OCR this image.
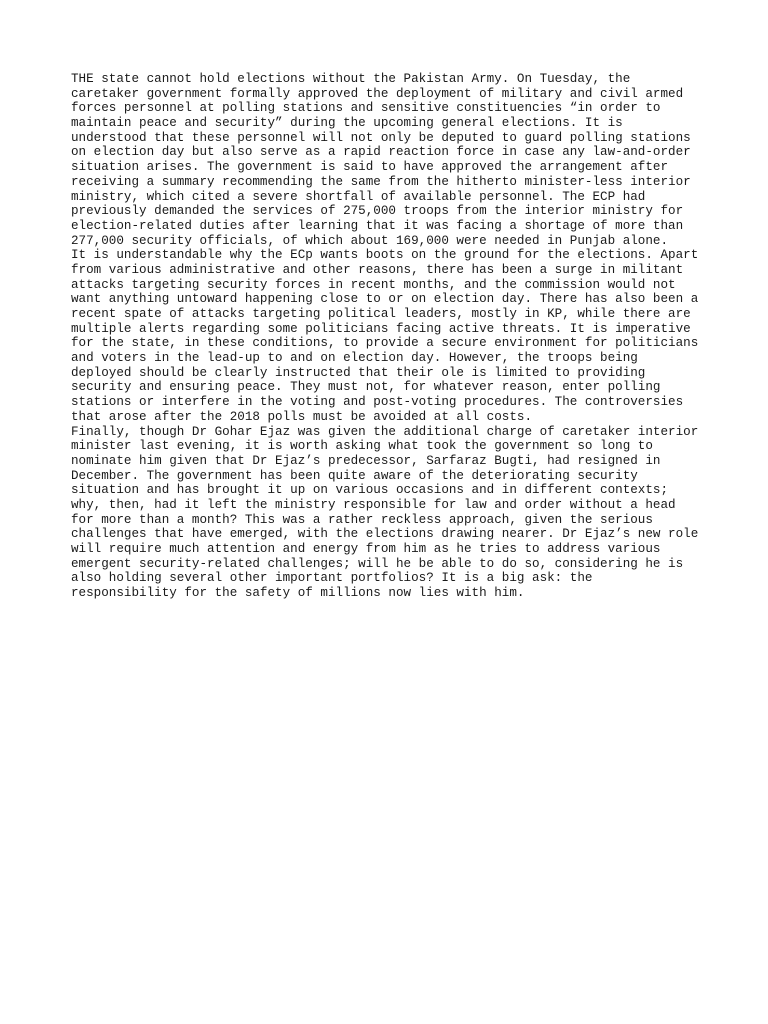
THE state cannot hold elections without the Pakistan Army. On Tuesday, the
caretaker government formally approved the deployment of military and civil armed
forces personnel at polling stations and sensitive constituencies “in order to
maintain peace and security” during the upcoming general elections. It is
understood that these personnel will not only be deputed to guard polling stations
on election day but also serve as a rapid reaction force in case any law-and-order
situation arises. The government is said to have approved the arrangement after
receiving a summary recommending the same from the hitherto minister-less interior
ministry, which cited a severe shortfall of available personnel. The ECP had
previously demanded the services of 275,000 troops from the interior ministry for
election-related duties after learning that it was facing a shortage of more than
277,000 security officials, of which about 169,000 were needed in Punjab alone.
It is understandable why the ECp wants boots on the ground for the elections. Apart
from various administrative and other reasons, there has been a surge in militant
attacks targeting security forces in recent months, and the commission would not
want anything untoward happening close to or on election day. There has also been a
recent spate of attacks targeting political leaders, mostly in KP, while there are
multiple alerts regarding some politicians facing active threats. It is imperative
for the state, in these conditions, to provide a secure environment for politicians
and voters in the lead-up to and on election day. However, the troops being
deployed should be clearly instructed that their ole is limited to providing
security and ensuring peace. They must not, for whatever reason, enter polling
stations or interfere in the voting and post-voting procedures. The controversies
that arose after the 2018 polls must be avoided at all costs.
Finally, though Dr Gohar Ejaz was given the additional charge of caretaker interior
minister last evening, it is worth asking what took the government so long to
nominate him given that Dr Ejaz’s predecessor, Sarfaraz Bugti, had resigned in
December. The government has been quite aware of the deteriorating security
situation and has brought it up on various occasions and in different contexts;
why, then, had it left the ministry responsible for law and order without a head
for more than a month? This was a rather reckless approach, given the serious
challenges that have emerged, with the elections drawing nearer. Dr Ejaz’s new role
will require much attention and energy from him as he tries to address various
emergent security-related challenges; will he be able to do so, considering he is
also holding several other important portfolios? It is a big ask: the
responsibility for the safety of millions now lies with him.
